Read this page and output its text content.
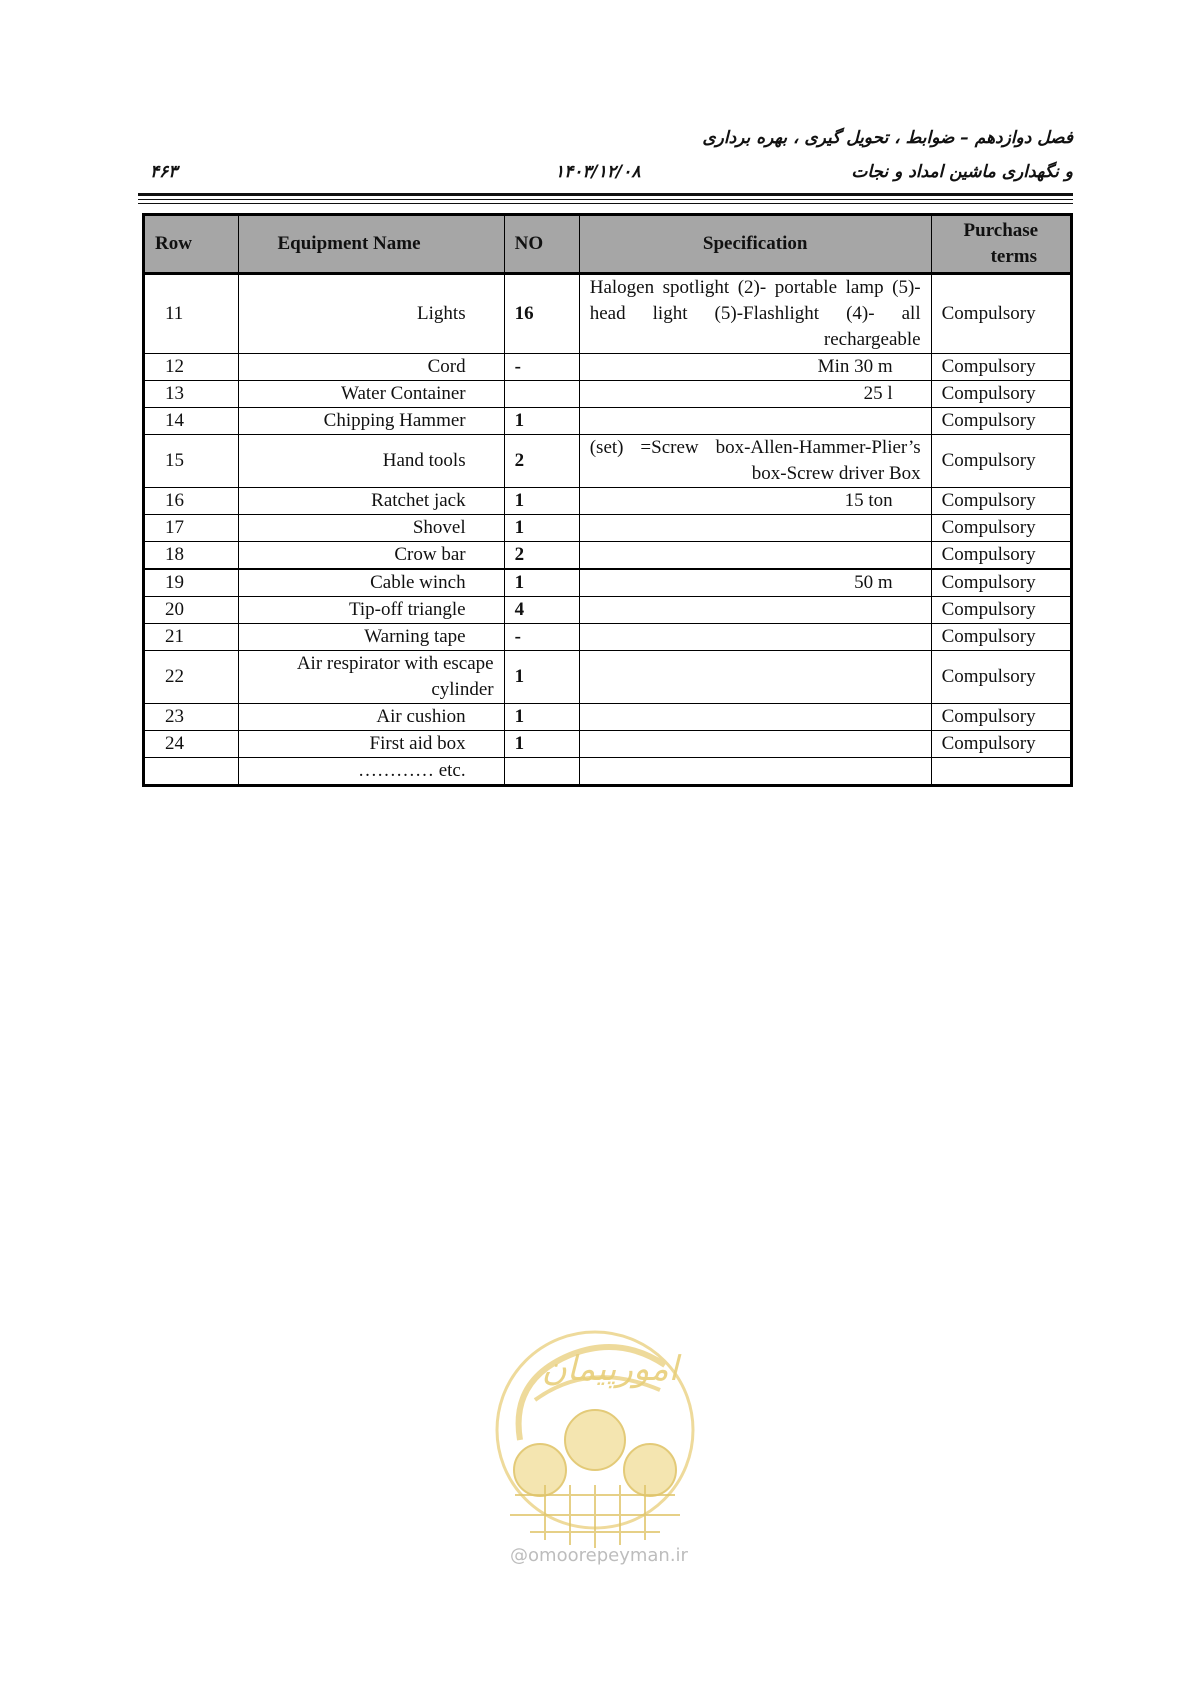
فصل دوازدهم – ضوابط ، تحویل گیری ، بهره برداری
و نگهداری ماشین امداد و نجات
۱۴۰۳/۱۲/۰۸
۴۶۳
Row	Equipment Name	NO	Specification	Purchase
terms

11	Lights	16	Halogen spotlight (2)- portable lamp (5)- head light (5)-Flashlight (4)- all rechargeable	Compulsory
12	Cord	-	Min 30 m	Compulsory
13	Water Container		25 l	Compulsory
14	Chipping Hammer	1		Compulsory
15	Hand tools	2	(set) =Screw box-Allen-Hammer-Plier’s box-Screw driver Box	Compulsory
16	Ratchet jack	1	15 ton	Compulsory
17	Shovel	1		Compulsory
18	Crow bar	2		Compulsory
19	Cable winch	1	50 m	Compulsory
20	Tip-off triangle	4		Compulsory
21	Warning tape	-		Compulsory
22	Air respirator with escape cylinder	1		Compulsory
23	Air cushion	1		Compulsory
24	First aid box	1		Compulsory
	………… etc.			
امورپیمان
@omoorepeyman.ir
